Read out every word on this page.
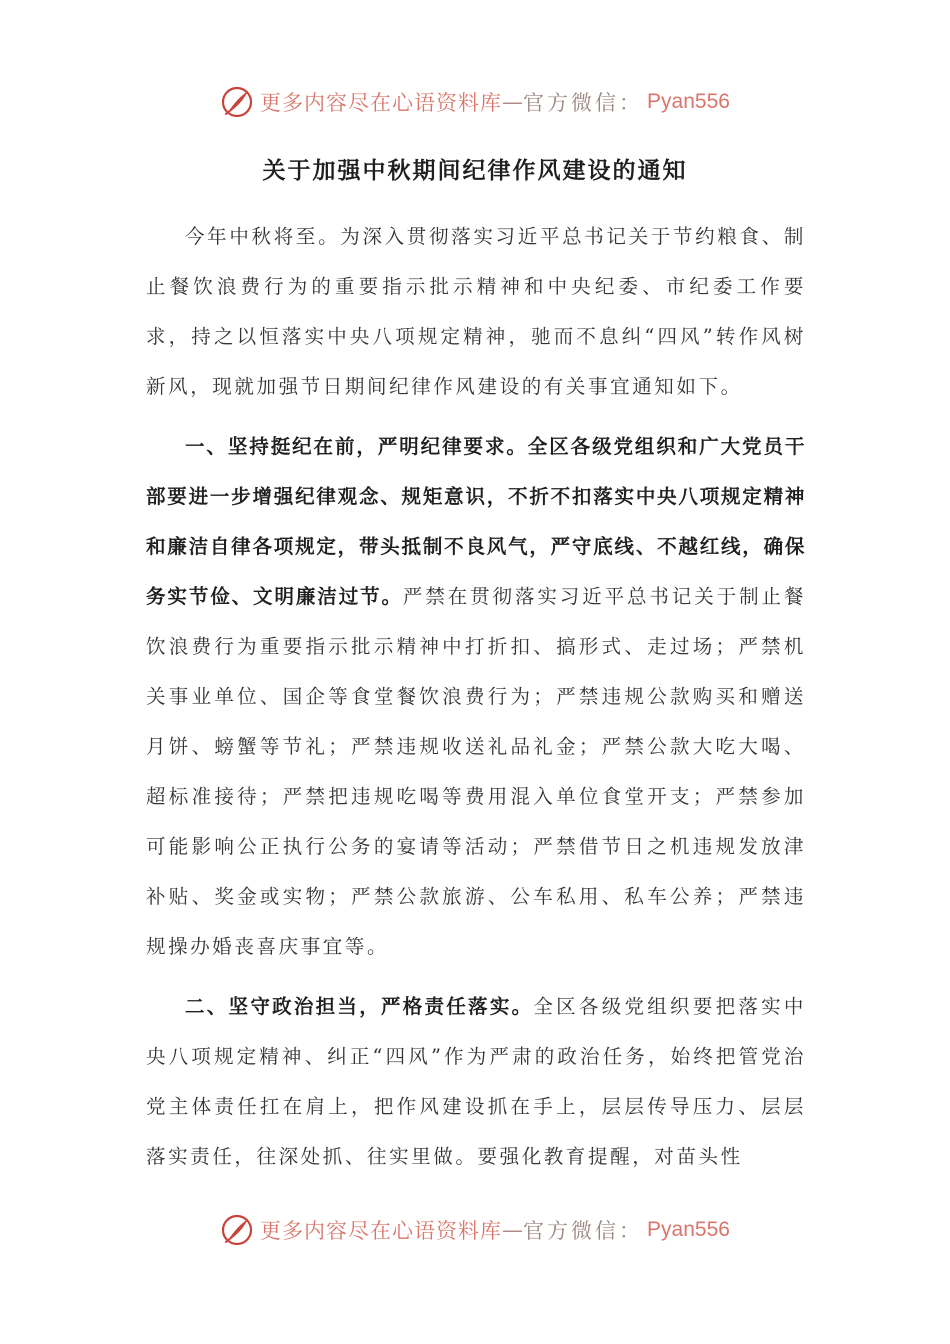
更多内容尽在心语资料库 — 官方微信： Pyan556
关于加强中秋期间纪律作风建设的通知

今年中秋将至。为深入贯彻落实习近平总书记关于节约粮食、制止餐饮浪费行为的重要指示批示精神和中央纪委、市纪委工作要求，持之以恒落实中央八项规定精神，驰而不息纠“四风”转作风树新风，现就加强节日期间纪律作风建设的有关事宜通知如下。

一、坚持挺纪在前，严明纪律要求。全区各级党组织和广大党员干部要进一步增强纪律观念、规矩意识，不折不扣落实中央八项规定精神和廉洁自律各项规定，带头抵制不良风气，严守底线、不越红线，确保务实节俭、文明廉洁过节。严禁在贯彻落实习近平总书记关于制止餐饮浪费行为重要指示批示精神中打折扣、搞形式、走过场；严禁机关事业单位、国企等食堂餐饮浪费行为；严禁违规公款购买和赠送月饼、螃蟹等节礼；严禁违规收送礼品礼金；严禁公款大吃大喝、超标准接待；严禁把违规吃喝等费用混入单位食堂开支；严禁参加可能影响公正执行公务的宴请等活动；严禁借节日之机违规发放津补贴、奖金或实物；严禁公款旅游、公车私用、私车公养；严禁违规操办婚丧喜庆事宜等。

二、坚守政治担当，严格责任落实。全区各级党组织要把落实中央八项规定精神、纠正“四风”作为严肃的政治任务，始终把管党治党主体责任扛在肩上，把作风建设抓在手上，层层传导压力、层层落实责任，往深处抓、往实里做。要强化教育提醒，对苗头性

更多内容尽在心语资料库 — 官方微信： Pyan556
